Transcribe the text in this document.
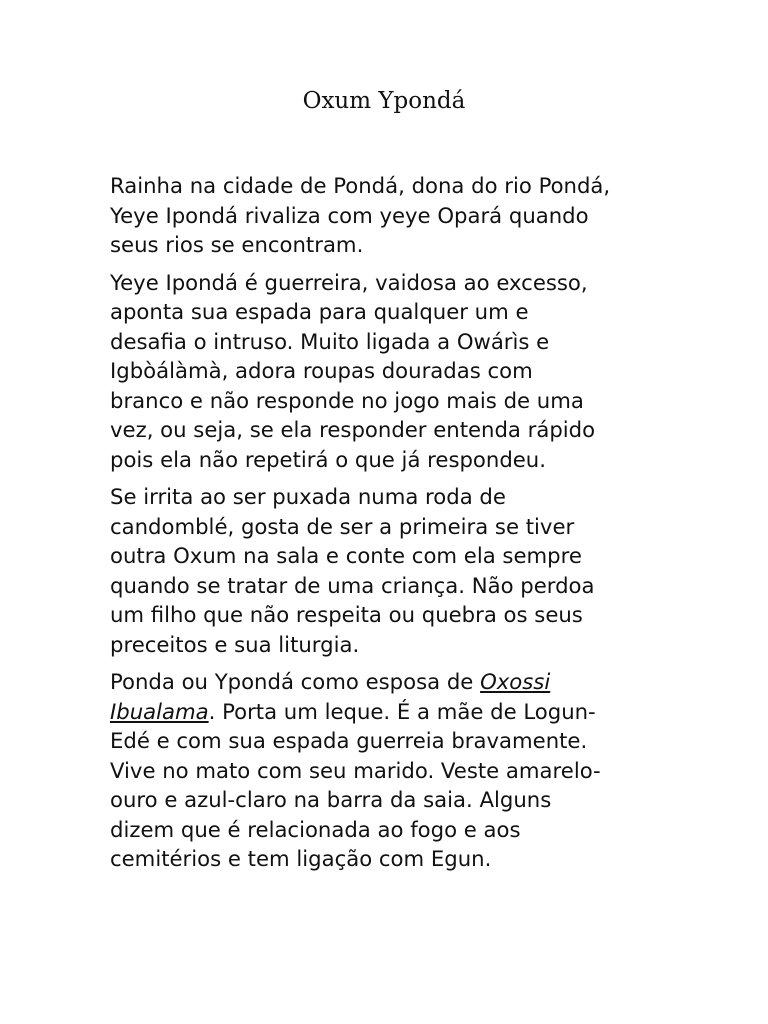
Oxum Ypondá

Rainha na cidade de Pondá, dona do rio Pondá,
Yeye Ipondá rivaliza com yeye Opará quando
seus rios se encontram.

Yeye Ipondá é guerreira, vaidosa ao excesso,
aponta sua espada para qualquer um e
desafia o intruso. Muito ligada a Owárìs e
Igbòálàmà, adora roupas douradas com
branco e não responde no jogo mais de uma
vez, ou seja, se ela responder entenda rápido
pois ela não repetirá o que já respondeu.

Se irrita ao ser puxada numa roda de
candomblé, gosta de ser a primeira se tiver
outra Oxum na sala e conte com ela sempre
quando se tratar de uma criança. Não perdoa
um filho que não respeita ou quebra os seus
preceitos e sua liturgia.

Ponda ou Ypondá como esposa de Oxossi
Ibualama. Porta um leque. É a mãe de Logun-
Edé e com sua espada guerreia bravamente.
Vive no mato com seu marido. Veste amarelo-
ouro e azul-claro na barra da saia. Alguns
dizem que é relacionada ao fogo e aos
cemitérios e tem ligação com Egun.
